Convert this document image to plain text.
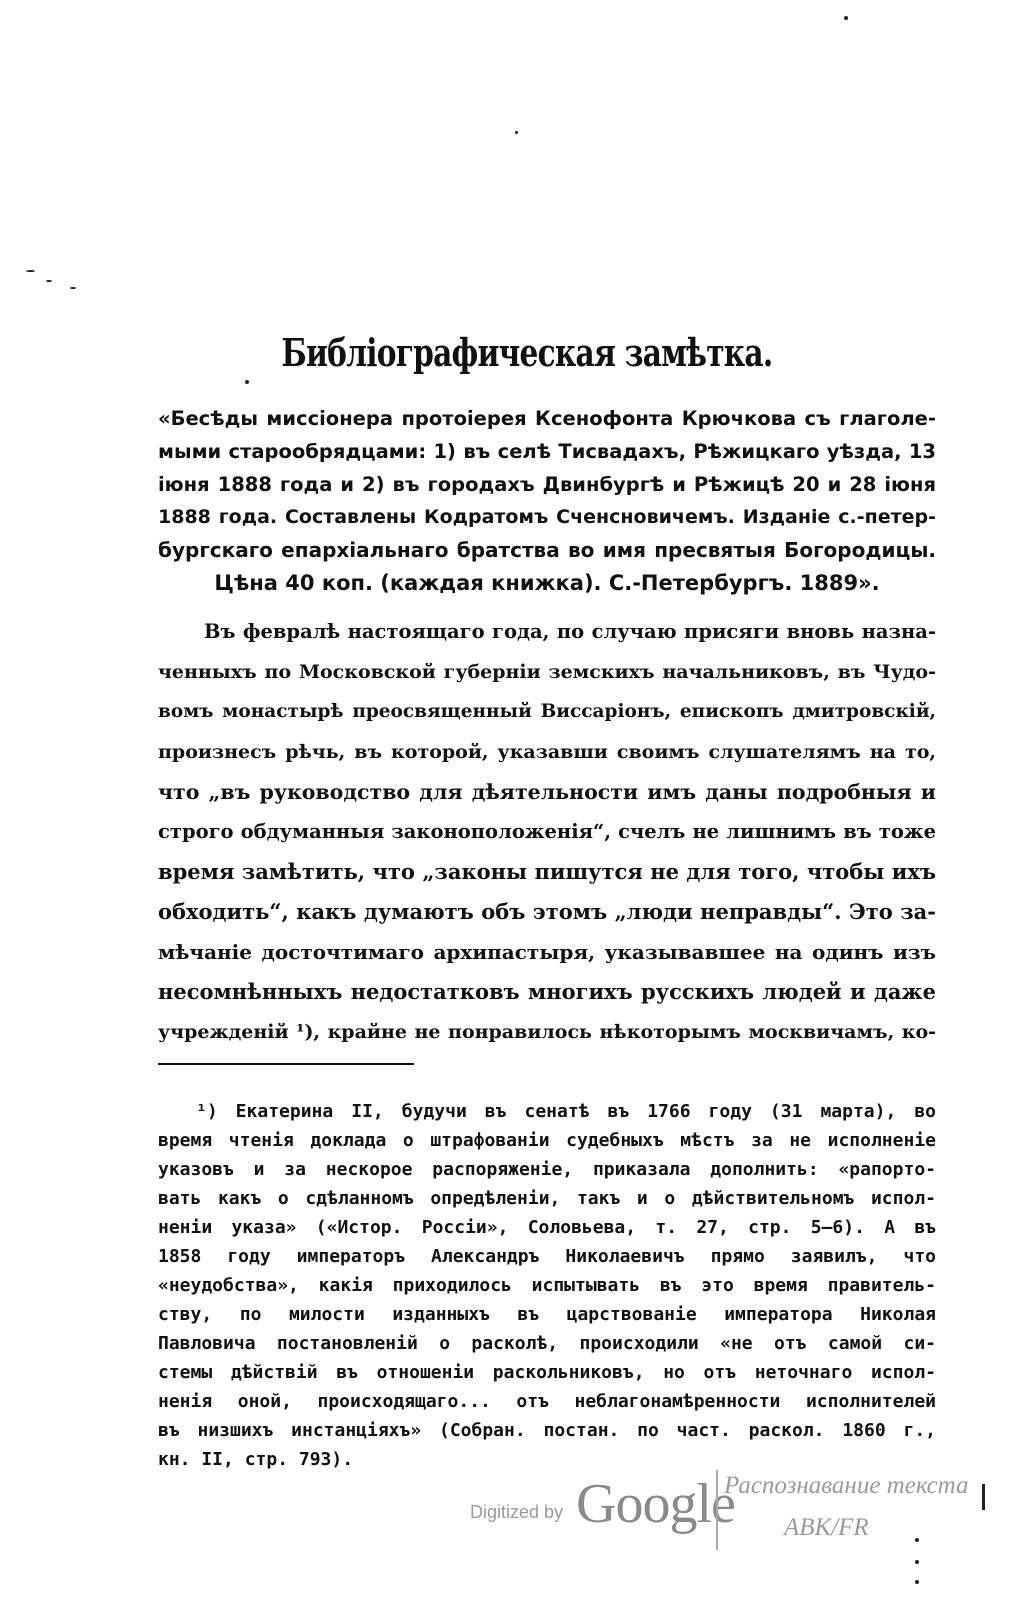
Библiографическая замѣтка.
«Бесѣды миссiонера протоiерея Ксенофонта Крючкова съ глаголе-
мыми старообрядцами: 1) въ селѣ Тисвадахъ, Рѣжицкаго уѣзда, 13
iюня 1888 года и 2) въ городахъ Двинбургѣ и Рѣжицѣ 20 и 28 iюня
1888 года. Составлены Кодратомъ Сченсновичемъ. Изданiе с.-петер-
бургскаго епархiальнаго братства во имя пресвятыя Богородицы.
Цѣна 40 коп. (каждая книжка). С.-Петербургъ. 1889».
Въ февралѣ настоящаго года, по случаю присяги вновь назна-
ченныхъ по Московской губернiи земскихъ начальниковъ, въ Чудо-
вомъ монастырѣ преосвященный Виссарiонъ, епископъ дмитровскiй,
произнесъ рѣчь, въ которой, указавши своимъ слушателямъ на то,
что „въ руководство для дѣятельности имъ даны подробныя и
строго обдуманныя законоположенiя“, счелъ не лишнимъ въ тоже
время замѣтить, что „законы пишутся не для того, чтобы ихъ
обходить“, какъ думаютъ объ этомъ „люди неправды“. Это за-
мѣчанiе досточтимаго архипастыря, указывавшее на одинъ изъ
несомнѣнныхъ недостатковъ многихъ русскихъ людей и даже
учрежденiй ¹), крайне не понравилось нѣкоторымъ москвичамъ, ко-
¹) Екатерина II, будучи въ сенатѣ въ 1766 году (31 марта), во
время чтенiя доклада о штрафованiи судебныхъ мѣстъ за не исполненiе
указовъ и за нескорое распоряженiе, приказала дополнить: «рапорто-
вать какъ о сдѣланномъ опредѣленiи, такъ и о дѣйствительномъ испол-
ненiи указа» («Истор. Россiи», Соловьева, т. 27, стр. 5—6). А въ
1858 году императоръ Александръ Николаевичъ прямо заявилъ, что
«неудобства», какiя приходилось испытывать въ это время правитель-
ству, по милости изданныхъ въ царствованiе императора Николая
Павловича постановленiй о расколѣ, происходили «не отъ самой си-
стемы дѣйствiй въ отношенiи раскольниковъ, но отъ неточнаго испол-
ненiя оной, происходящаго... отъ неблагонамѣренности исполнителей
въ низшихъ инстанцiяхъ» (Собран. постан. по част. раскол. 1860 г.,
кн. II, стр. 793).
Digitized by Google
Распознавание текста
ABK/FR
